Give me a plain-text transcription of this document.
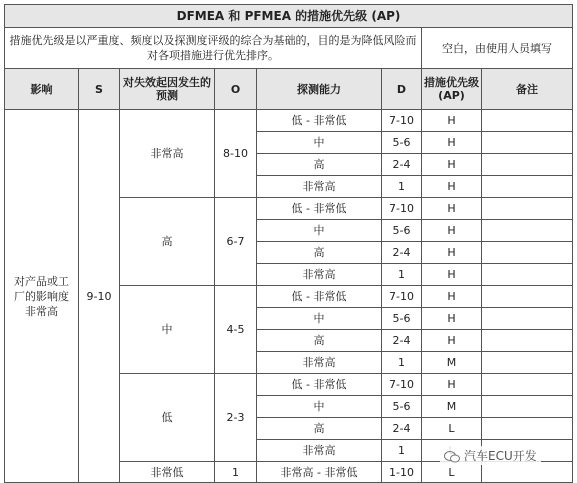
DFMEA 和 PFMEA 的措施优先级 (AP)							
措施优先级是以严重度、频度以及探测度评级的综合为基础的，目的是为降低风险而对各项措施进行优先排序。						空白，由使用人员填写	
影响	S	对失效起因发生的预测	O	探测能力	D	措施优先级 (AP)	备注
对产品或工厂的影响度非常高	9-10	非常高	8-10	低 - 非常低	7-10	H	
				中	5-6	H	
				高	2-4	H	
				非常高	1	H	
		高	6-7	低 - 非常低	7-10	H	
				中	5-6	H	
				高	2-4	H	
				非常高	1	H	
		中	4-5	低 - 非常低	7-10	H	
				中	5-6	H	
				高	2-4	H	
				非常高	1	M	
		低	2-3	低 - 非常低	7-10	H	
				中	5-6	M	
				高	2-4	L	
				非常高	1		
		非常低	1	非常高 - 非常低	1-10	L	
汽车ECU开发
